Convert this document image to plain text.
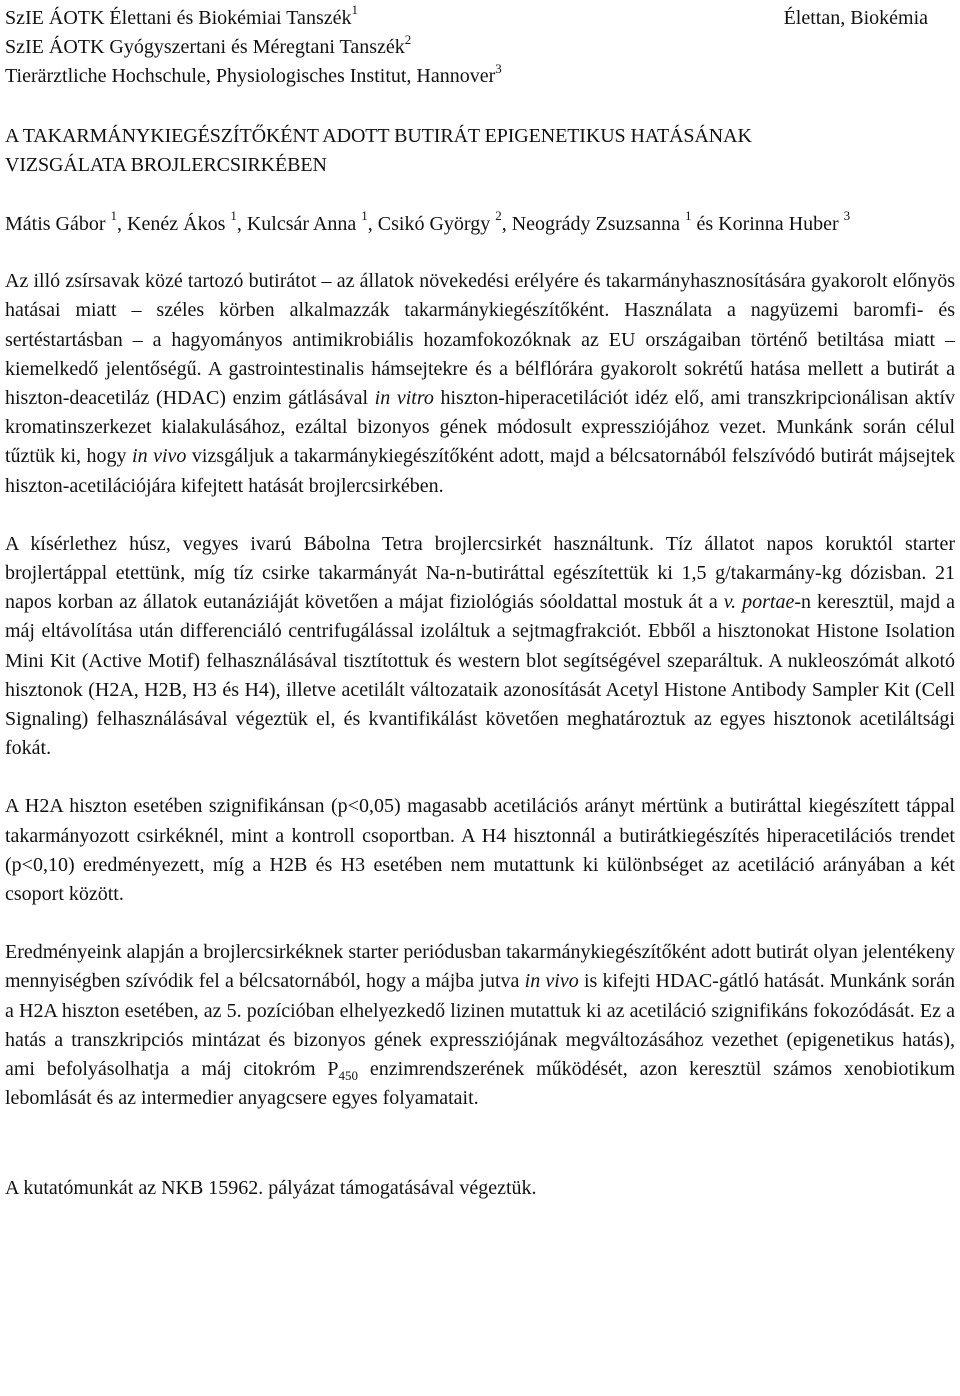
SzIE ÁOTK Élettani és Biokémiai Tanszék$^1$
SzIE ÁOTK Gyógyszertani és Méregtani Tanszék$^2$
Tierärztliche Hochschule, Physiologisches Institut, Hannover$^3$
Élettan, Biokémia
A TAKARMÁNYKIEGÉSZÍTŐKÉNT ADOTT BUTIRÁT EPIGENETIKUS HATÁSÁNAK
VIZSGÁLATA BROJLERCSIRKÉBEN
Mátis Gábor $^1$, Kenéz Ákos $^1$, Kulcsár Anna $^1$, Csikó György $^2$, Neogrády Zsuzsanna $^1$ és Korinna Huber $^3$

Az illó zsírsavak közé tartozó butirátot – az állatok növekedési erélyére és takarmányhasznosítására gyakorolt előnyös hatásai miatt – széles körben alkalmazzák takarmánykiegészítőként. Használata a nagyüzemi baromfi- és sertéstartásban – a hagyományos antimikrobiális hozamfokozóknak az EU országaiban történő betiltása miatt – kiemelkedő jelentőségű. A gastrointestinalis hámsejtekre és a bélflórára gyakorolt sokrétű hatása mellett a butirát a hiszton-deacetiláz (HDAC) enzim gátlásával in vitro hiszton-hiperacetilációt idéz elő, ami transzkripcionálisan aktív kromatinszerkezet kialakulásához, ezáltal bizonyos gének módosult expressziójához vezet. Munkánk során célul tűztük ki, hogy in vivo vizsgáljuk a takarmánykiegészítőként adott, majd a bélcsatornából felszívódó butirát májsejtek hiszton-acetilációjára kifejtett hatását brojlercsirkében.

A kísérlethez húsz, vegyes ivarú Bábolna Tetra brojlercsirkét használtunk. Tíz állatot napos koruktól starter brojlertáppal etettünk, míg tíz csirke takarmányát Na-n-butiráttal egészítettük ki 1,5 g/takarmány-kg dózisban. 21 napos korban az állatok eutanáziáját követően a májat fiziológiás sóoldattal mostuk át a v. portae-n keresztül, majd a máj eltávolítása után differenciáló centrifugálással izoláltuk a sejtmagfrakciót. Ebből a hisztonokat Histone Isolation Mini Kit (Active Motif) felhasználásával tisztítottuk és western blot segítségével szeparáltuk. A nukleoszómát alkotó hisztonok (H2A, H2B, H3 és H4), illetve acetilált változataik azonosítását Acetyl Histone Antibody Sampler Kit (Cell Signaling) felhasználásával végeztük el, és kvantifikálást követően meghatároztuk az egyes hisztonok acetiláltsági fokát.

A H2A hiszton esetében szignifikánsan (p<0,05) magasabb acetilációs arányt mértünk a butiráttal kiegészített táppal takarmányozott csirkéknél, mint a kontroll csoportban. A H4 hisztonnál a butirátkiegészítés hiperacetilációs trendet (p<0,10) eredményezett, míg a H2B és H3 esetében nem mutattunk ki különbséget az acetiláció arányában a két csoport között.

Eredményeink alapján a brojlercsirkéknek starter periódusban takarmánykiegészítőként adott butirát olyan jelentékeny mennyiségben szívódik fel a bélcsatornából, hogy a májba jutva in vivo is kifejti HDAC-gátló hatását. Munkánk során a H2A hiszton esetében, az 5. pozícióban elhelyezkedő lizinen mutattuk ki az acetiláció szignifikáns fokozódását. Ez a hatás a transzkripciós mintázat és bizonyos gének expressziójának megváltozásához vezethet (epigenetikus hatás), ami befolyásolhatja a máj citokróm $P_{450}$ enzimrendszerének működését, azon keresztül számos xenobiotikum lebomlását és az intermedier anyagcsere egyes folyamatait.

A kutatómunkát az NKB 15962. pályázat támogatásával végeztük.
